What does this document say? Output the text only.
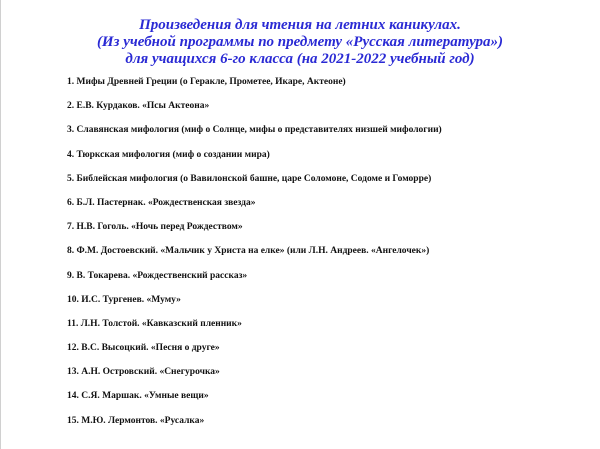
Произведения для чтения на летних каникулах.
(Из учебной программы по предмету «Русская литература»)
для учащихся 6-го класса (на 2021-2022 учебный год)
1. Мифы Древней Греции (о Геракле, Прометее, Икаре, Актеоне)
2. Е.В. Курдаков. «Псы Актеона»
3. Славянская мифология (миф о Солнце, мифы о представителях низшей мифологии)
4. Тюркская мифология (миф о создании мира)
5. Библейская мифология (о Вавилонской башне, царе Соломоне, Содоме и Гоморре)
6. Б.Л. Пастернак. «Рождественская звезда»
7. Н.В. Гоголь. «Ночь перед Рождеством»
8. Ф.М. Достоевский. «Мальчик у Христа на елке» (или Л.Н. Андреев. «Ангелочек»)
9. В. Токарева. «Рождественский рассказ»
10. И.С. Тургенев. «Муму»
11. Л.Н. Толстой. «Кавказский пленник»
12. В.С. Высоцкий. «Песня о друге»
13. А.Н. Островский. «Снегурочка»
14. С.Я. Маршак. «Умные вещи»
15. М.Ю. Лермонтов. «Русалка»
